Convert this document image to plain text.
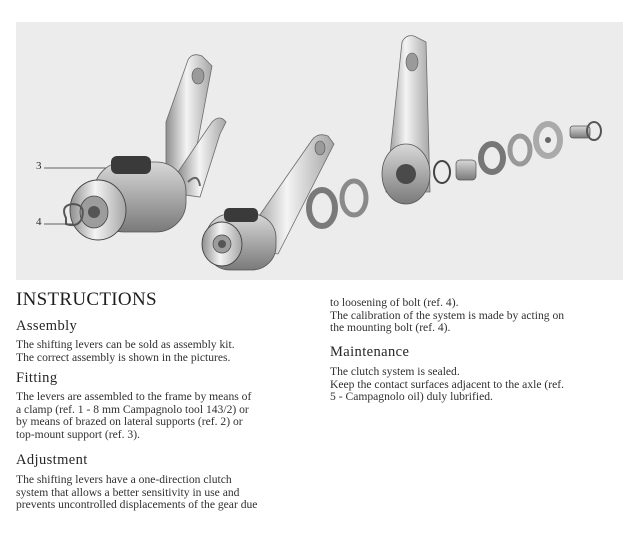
3
4
INSTRUCTIONS
Assembly

The shifting levers can be sold as assembly kit.
The correct assembly is shown in the pictures.

Fitting

The levers are assembled to the frame by means of
a clamp (ref. 1 - 8 mm Campagnolo tool 143/2) or
by means of brazed on lateral supports (ref. 2) or
top-mount support (ref. 3).

Adjustment

The shifting levers have a one-direction clutch
system that allows a better sensitivity in use and
prevents uncontrolled displacements of the gear due

to loosening of bolt (ref. 4).
The calibration of the system is made by acting on
the mounting bolt (ref. 4).

Maintenance

The clutch system is sealed.
Keep the contact surfaces adjacent to the axle (ref.
5 - Campagnolo oil) duly lubrified.
